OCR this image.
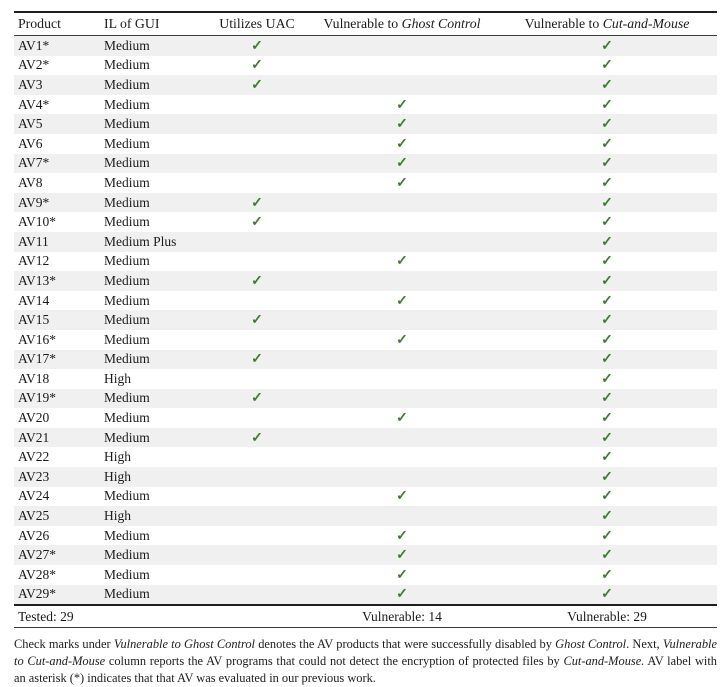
Product	IL of GUI	Utilizes UAC	Vulnerable to Ghost Control	Vulnerable to Cut-and-Mouse
AV1*	Medium	✓		✓
AV2*	Medium	✓		✓
AV3	Medium	✓		✓
AV4*	Medium		✓	✓
AV5	Medium		✓	✓
AV6	Medium		✓	✓
AV7*	Medium		✓	✓
AV8	Medium		✓	✓
AV9*	Medium	✓		✓
AV10*	Medium	✓		✓
AV11	Medium Plus			✓
AV12	Medium		✓	✓
AV13*	Medium	✓		✓
AV14	Medium		✓	✓
AV15	Medium	✓		✓
AV16*	Medium		✓	✓
AV17*	Medium	✓		✓
AV18	High			✓
AV19*	Medium	✓		✓
AV20	Medium		✓	✓
AV21	Medium	✓		✓
AV22	High			✓
AV23	High			✓
AV24	Medium		✓	✓
AV25	High			✓
AV26	Medium		✓	✓
AV27*	Medium		✓	✓
AV28*	Medium		✓	✓
AV29*	Medium		✓	✓
Tested: 29			Vulnerable: 14	Vulnerable: 29
Check marks under Vulnerable to Ghost Control denotes the AV products that were successfully disabled by Ghost Control. Next, Vulnerable to Cut-and-Mouse column reports the AV programs that could not detect the encryption of protected files by Cut-and-Mouse. AV label with an asterisk (*) indicates that that AV was evaluated in our previous work.
